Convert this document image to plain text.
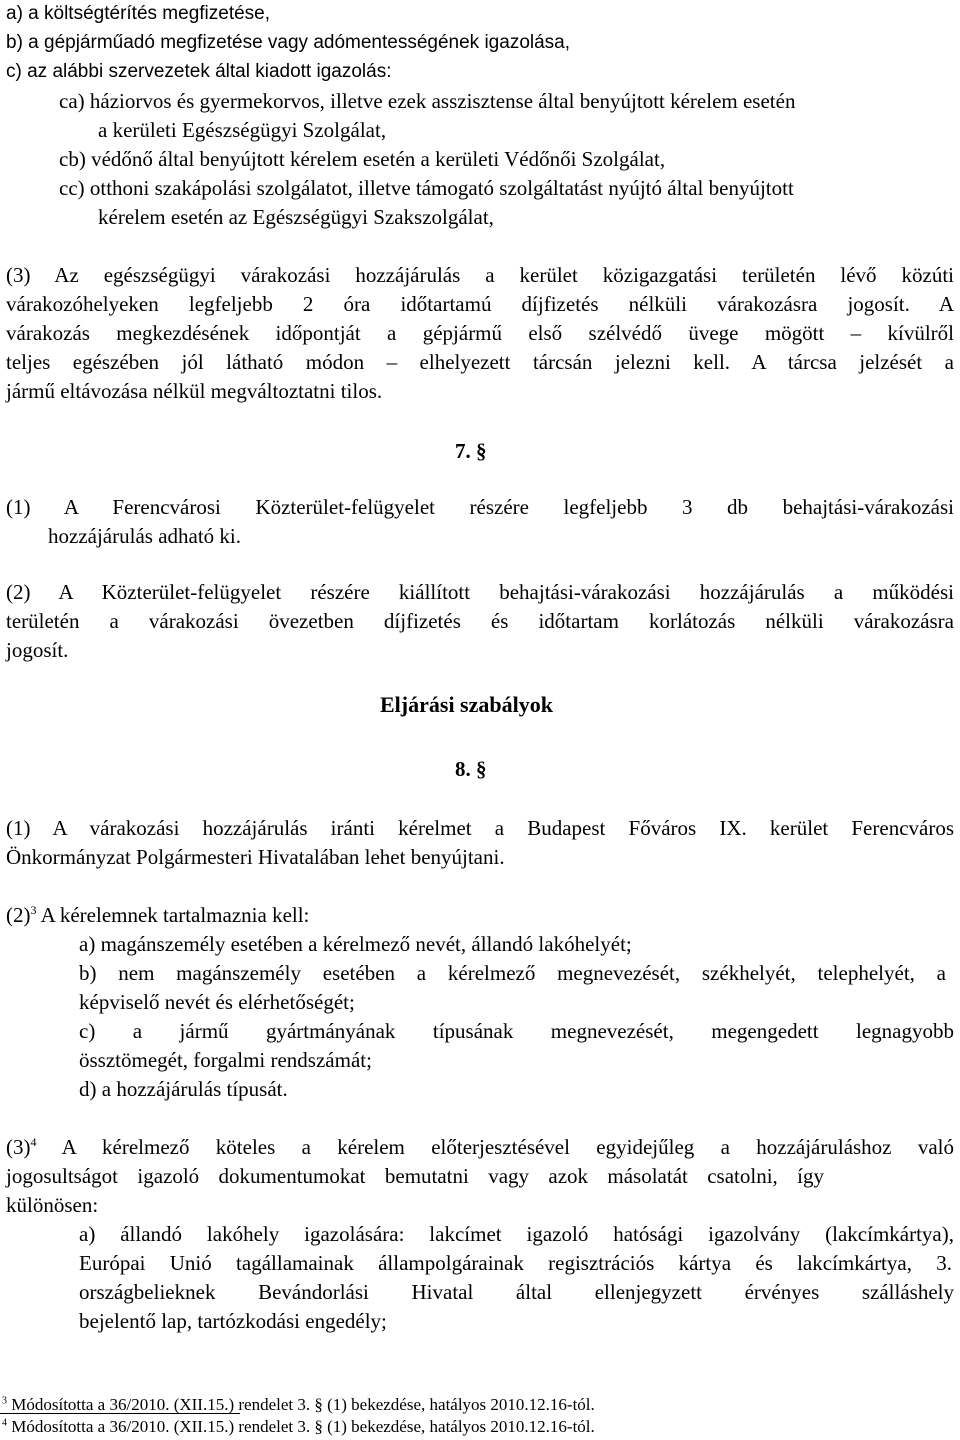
a) a költségtérítés megfizetése,
b) a gépjárműadó megfizetése vagy adómentességének igazolása,
c) az alábbi szervezetek által kiadott igazolás:
ca) háziorvos és gyermekorvos, illetve ezek asszisztense által benyújtott kérelem esetén
a kerületi Egészségügyi Szolgálat,
cb) védőnő által benyújtott kérelem esetén a kerületi Védőnői Szolgálat,
cc) otthoni szakápolási szolgálatot, illetve támogató szolgáltatást nyújtó által benyújtott
kérelem esetén az Egészségügyi Szakszolgálat,
(3) Az egészségügyi várakozási hozzájárulás a kerület közigazgatási területén lévő közúti
várakozóhelyeken legfeljebb 2 óra időtartamú díjfizetés nélküli várakozásra jogosít. A
várakozás megkezdésének időpontját a gépjármű első szélvédő üvege mögött – kívülről
teljes egészében jól látható módon – elhelyezett tárcsán jelezni kell. A tárcsa jelzését a
jármű eltávozása nélkül megváltoztatni tilos.
7. §
(1) A Ferencvárosi Közterület-felügyelet részére legfeljebb 3 db behajtási-várakozási
hozzájárulás adható ki.
(2) A Közterület-felügyelet részére kiállított behajtási-várakozási hozzájárulás a működési
területén a várakozási övezetben díjfizetés és időtartam korlátozás nélküli várakozásra
jogosít.
Eljárási szabályok
8. §
(1) A várakozási hozzájárulás iránti kérelmet a Budapest Főváros IX. kerület Ferencváros
Önkormányzat Polgármesteri Hivatalában lehet benyújtani.
$(2)^3$ A kérelemnek tartalmaznia kell:
a) magánszemély esetében a kérelmező nevét, állandó lakóhelyét;
b) nem magánszemély esetében a kérelmező megnevezését, székhelyét, telephelyét, a
képviselő nevét és elérhetőségét;
c) a jármű gyártmányának típusának megnevezését, megengedett legnagyobb
össztömegét, forgalmi rendszámát;
d) a hozzájárulás típusát.
$(3)^4$ A kérelmező köteles a kérelem előterjesztésével egyidejűleg a hozzájáruláshoz való
jogosultságot igazoló dokumentumokat bemutatni vagy azok másolatát csatolni, így
különösen:
a) állandó lakóhely igazolására: lakcímet igazoló hatósági igazolvány (lakcímkártya),
Európai Unió tagállamainak állampolgárainak regisztrációs kártya és lakcímkártya, 3.
országbelieknek Bevándorlási Hivatal által ellenjegyzett érvényes szálláshely
bejelentő lap, tartózkodási engedély;
$^3$ Módosította a 36/2010. (XII.15.) rendelet 3. § (1) bekezdése, hatályos 2010.12.16-tól.
$^4$ Módosította a 36/2010. (XII.15.) rendelet 3. § (1) bekezdése, hatályos 2010.12.16-tól.
